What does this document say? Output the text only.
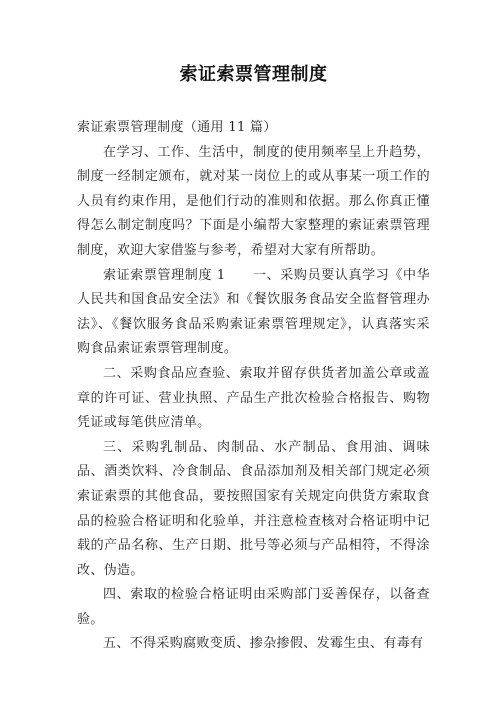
索证索票管理制度

索证索票管理制度（通用 11 篇）

在学习、工作、生活中，制度的使用频率呈上升趋势，制度一经制定颁布，就对某一岗位上的或从事某一项工作的人员有约束作用，是他们行动的准则和依据。那么你真正懂得怎么制定制度吗？下面是小编帮大家整理的索证索票管理制度，欢迎大家借鉴与参考，希望对大家有所帮助。

索证索票管理制度 1　　一、采购员要认真学习《中华人民共和国食品安全法》和《餐饮服务食品安全监督管理办法》、《餐饮服务食品采购索证索票管理规定》，认真落实采购食品索证索票管理制度。

二、采购食品应查验、索取并留存供货者加盖公章或盖章的许可证、营业执照、产品生产批次检验合格报告、购物凭证或每笔供应清单。

三、采购乳制品、肉制品、水产制品、食用油、调味品、酒类饮料、冷食制品、食品添加剂及相关部门规定必须索证索票的其他食品，要按照国家有关规定向供货方索取食品的检验合格证明和化验单，并注意检查核对合格证明中记载的产品名称、生产日期、批号等必须与产品相符，不得涂改、伪造。

四、索取的检验合格证明由采购部门妥善保存，以备查验。

五、不得采购腐败变质、掺杂掺假、发霉生虫、有毒有
